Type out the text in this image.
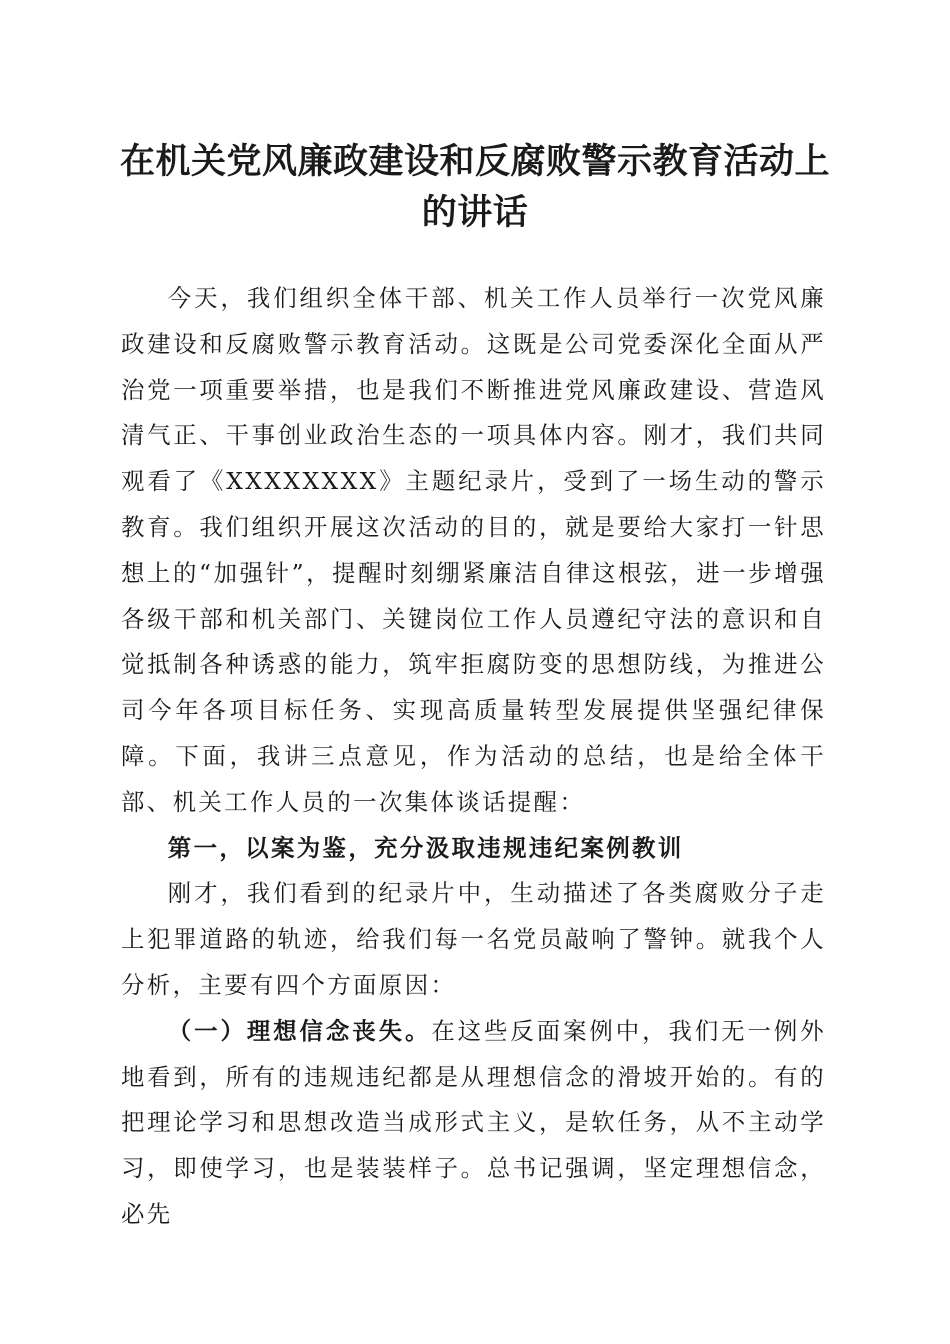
在机关党风廉政建设和反腐败警示教育活动上的讲话

今天，我们组织全体干部、机关工作人员举行一次党风廉政建设和反腐败警示教育活动。这既是公司党委深化全面从严治党一项重要举措，也是我们不断推进党风廉政建设、营造风清气正、干事创业政治生态的一项具体内容。刚才，我们共同观看了《XXXXXXXX》主题纪录片，受到了一场生动的警示教育。我们组织开展这次活动的目的，就是要给大家打一针思想上的“加强针”，提醒时刻绷紧廉洁自律这根弦，进一步增强各级干部和机关部门、关键岗位工作人员遵纪守法的意识和自觉抵制各种诱惑的能力，筑牢拒腐防变的思想防线，为推进公司今年各项目标任务、实现高质量转型发展提供坚强纪律保障。下面，我讲三点意见，作为活动的总结，也是给全体干部、机关工作人员的一次集体谈话提醒：

第一，以案为鉴，充分汲取违规违纪案例教训

刚才，我们看到的纪录片中，生动描述了各类腐败分子走上犯罪道路的轨迹，给我们每一名党员敲响了警钟。就我个人分析，主要有四个方面原因：

（一）理想信念丧失。在这些反面案例中，我们无一例外地看到，所有的违规违纪都是从理想信念的滑坡开始的。有的把理论学习和思想改造当成形式主义，是软任务，从不主动学习，即使学习，也是装装样子。总书记强调，坚定理想信念，必先
